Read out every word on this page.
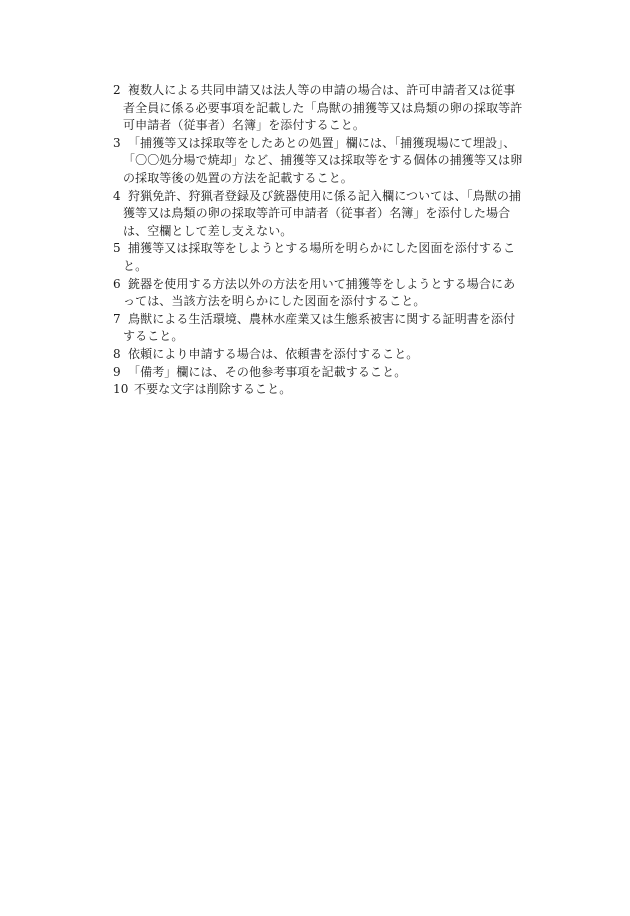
2 複数人による共同申請又は法人等の申請の場合は、許可申請者又は従事者全員に係る必要事項を記載した「鳥獣の捕獲等又は鳥類の卵の採取等許可申請者（従事者）名簿」を添付すること。

3 「捕獲等又は採取等をしたあとの処置」欄には、「捕獲現場にて埋設」、「〇〇処分場で焼却」など、捕獲等又は採取等をする個体の捕獲等又は卵の採取等後の処置の方法を記載すること。

4 狩猟免許、狩猟者登録及び銃器使用に係る記入欄については、「鳥獣の捕獲等又は鳥類の卵の採取等許可申請者（従事者）名簿」を添付した場合は、空欄として差し支えない。

5 捕獲等又は採取等をしようとする場所を明らかにした図面を添付すること。

6 銃器を使用する方法以外の方法を用いて捕獲等をしようとする場合にあっては、当該方法を明らかにした図面を添付すること。

7 鳥獣による生活環境、農林水産業又は生態系被害に関する証明書を添付すること。

8 依頼により申請する場合は、依頼書を添付すること。

9 「備考」欄には、その他参考事項を記載すること。

10 不要な文字は削除すること。
